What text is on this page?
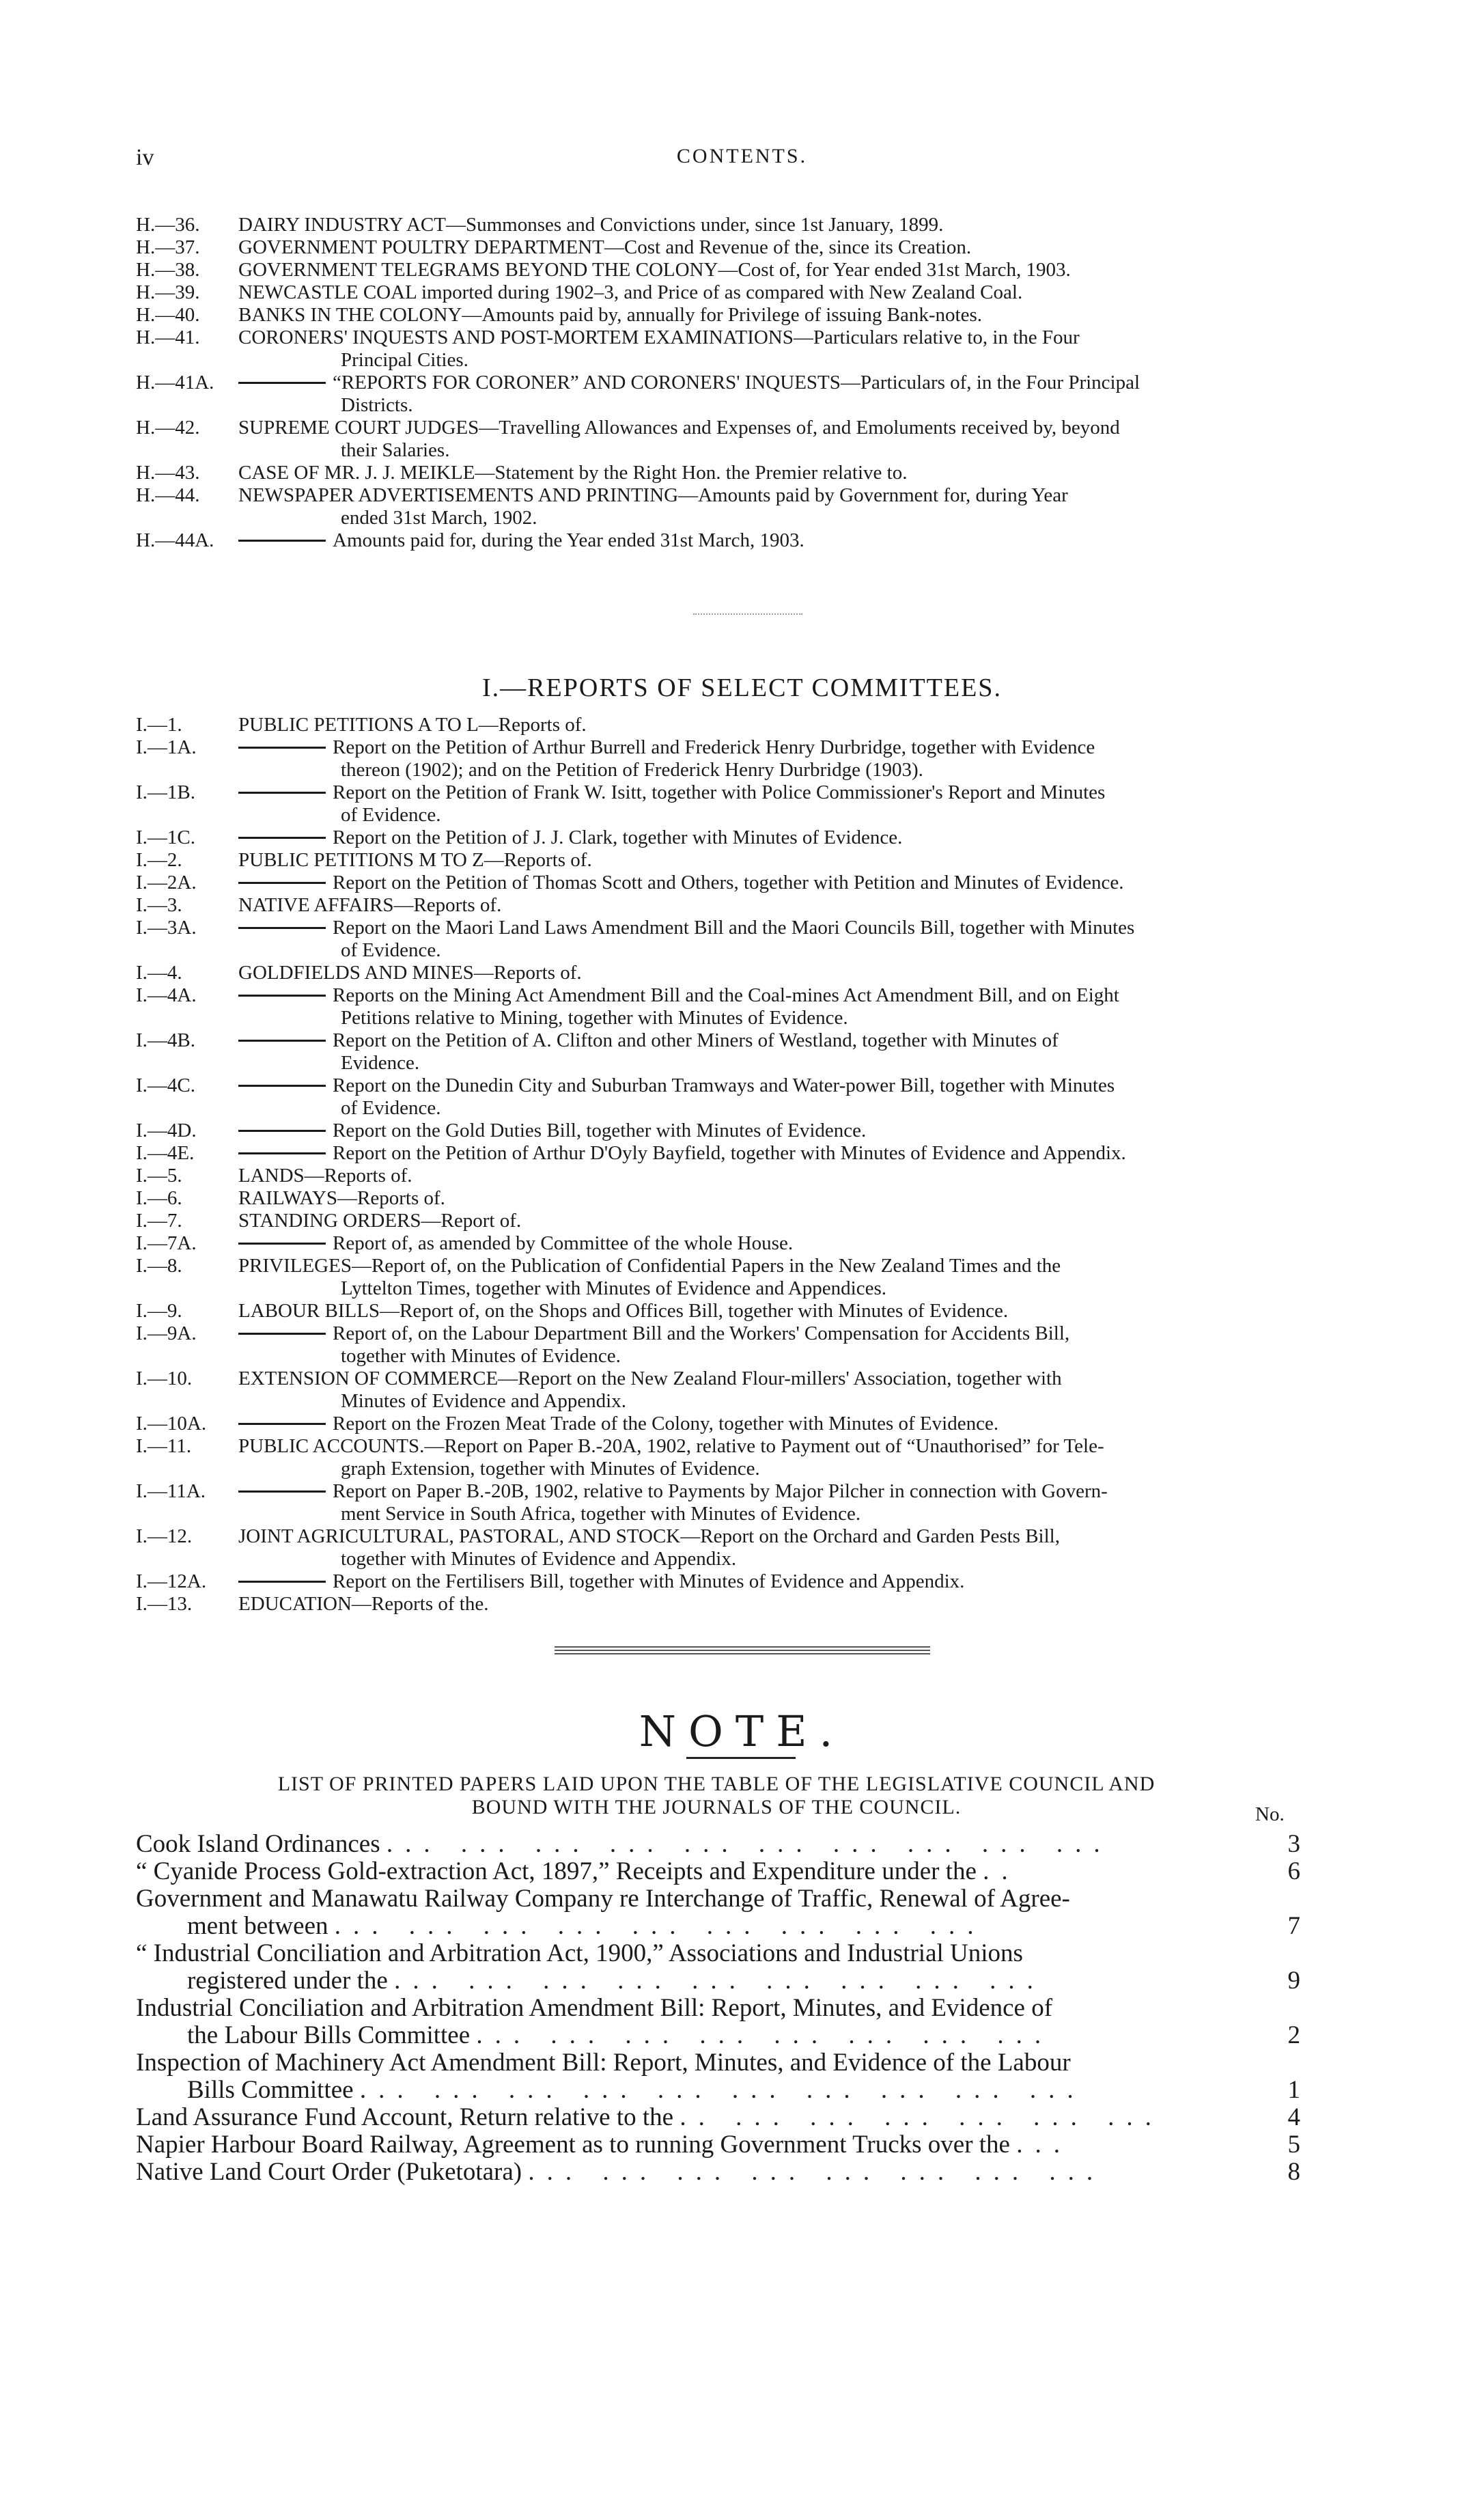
iv	CONTENTS.
H.—36.	DAIRY INDUSTRY ACT—Summonses and Convictions under, since 1st January, 1899.
H.—37.	GOVERNMENT POULTRY DEPARTMENT—Cost and Revenue of the, since its Creation.
H.—38.	GOVERNMENT TELEGRAMS BEYOND THE COLONY—Cost of, for Year ended 31st March, 1903.
H.—39.	NEWCASTLE COAL imported during 1902–3, and Price of as compared with New Zealand Coal.
H.—40.	BANKS IN THE COLONY—Amounts paid by, annually for Privilege of issuing Bank-notes.
H.—41.	CORONERS' INQUESTS AND POST-MORTEM EXAMINATIONS—Particulars relative to, in the Four
Principal Cities.
H.—41A.	“REPORTS FOR CORONER” AND CORONERS' INQUESTS—Particulars of, in the Four Principal
Districts.
H.—42.	SUPREME COURT JUDGES—Travelling Allowances and Expenses of, and Emoluments received by, beyond
their Salaries.
H.—43.	CASE OF MR. J. J. MEIKLE—Statement by the Right Hon. the Premier relative to.
H.—44.	NEWSPAPER ADVERTISEMENTS AND PRINTING—Amounts paid by Government for, during Year
ended 31st March, 1902.
H.—44A.	Amounts paid for, during the Year ended 31st March, 1903.
I.—REPORTS OF SELECT COMMITTEES.
I.—1.	PUBLIC PETITIONS A TO L—Reports of.
I.—1A.	Report on the Petition of Arthur Burrell and Frederick Henry Durbridge, together with Evidence
thereon (1902); and on the Petition of Frederick Henry Durbridge (1903).
I.—1B.	Report on the Petition of Frank W. Isitt, together with Police Commissioner's Report and Minutes
of Evidence.
I.—1C.	Report on the Petition of J. J. Clark, together with Minutes of Evidence.
I.—2.	PUBLIC PETITIONS M TO Z—Reports of.
I.—2A.	Report on the Petition of Thomas Scott and Others, together with Petition and Minutes of Evidence.
I.—3.	NATIVE AFFAIRS—Reports of.
I.—3A.	Report on the Maori Land Laws Amendment Bill and the Maori Councils Bill, together with Minutes
of Evidence.
I.—4.	GOLDFIELDS AND MINES—Reports of.
I.—4A.	Reports on the Mining Act Amendment Bill and the Coal-mines Act Amendment Bill, and on Eight
Petitions relative to Mining, together with Minutes of Evidence.
I.—4B.	Report on the Petition of A. Clifton and other Miners of Westland, together with Minutes of
Evidence.
I.—4C.	Report on the Dunedin City and Suburban Tramways and Water-power Bill, together with Minutes
of Evidence.
I.—4D.	Report on the Gold Duties Bill, together with Minutes of Evidence.
I.—4E.	Report on the Petition of Arthur D'Oyly Bayfield, together with Minutes of Evidence and Appendix.
I.—5.	LANDS—Reports of.
I.—6.	RAILWAYS—Reports of.
I.—7.	STANDING ORDERS—Report of.
I.—7A.	Report of, as amended by Committee of the whole House.
I.—8.	PRIVILEGES—Report of, on the Publication of Confidential Papers in the New Zealand Times and the
Lyttelton Times, together with Minutes of Evidence and Appendices.
I.—9.	LABOUR BILLS—Report of, on the Shops and Offices Bill, together with Minutes of Evidence.
I.—9A.	Report of, on the Labour Department Bill and the Workers' Compensation for Accidents Bill,
together with Minutes of Evidence.
I.—10.	EXTENSION OF COMMERCE—Report on the New Zealand Flour-millers' Association, together with
Minutes of Evidence and Appendix.
I.—10A.	Report on the Frozen Meat Trade of the Colony, together with Minutes of Evidence.
I.—11.	PUBLIC ACCOUNTS.—Report on Paper B.-20A, 1902, relative to Payment out of “Unauthorised” for Tele-
graph Extension, together with Minutes of Evidence.
I.—11A.	Report on Paper B.-20B, 1902, relative to Payments by Major Pilcher in connection with Govern-
ment Service in South Africa, together with Minutes of Evidence.
I.—12.	JOINT AGRICULTURAL, PASTORAL, AND STOCK—Report on the Orchard and Garden Pests Bill,
together with Minutes of Evidence and Appendix.
I.—12A.	Report on the Fertilisers Bill, together with Minutes of Evidence and Appendix.
I.—13.	EDUCATION—Reports of the.
NOTE.
LIST OF PRINTED PAPERS LAID UPON THE TABLE OF THE LEGISLATIVE COUNCIL AND
BOUND WITH THE JOURNALS OF THE COUNCIL.	No.
Cook Island Ordinances ... ... ... ... ... ... ... ... ... ...	3
“ Cyanide Process Gold-extraction Act, 1897,” Receipts and Expenditure under the ..	6
Government and Manawatu Railway Company re Interchange of Traffic, Renewal of Agree-
ment between ... ... ... ... ... ... ... ... ...	7
“ Industrial Conciliation and Arbitration Act, 1900,” Associations and Industrial Unions
registered under the ... ... ... ... ... ... ... ... ...	9
Industrial Conciliation and Arbitration Amendment Bill: Report, Minutes, and Evidence of
the Labour Bills Committee ... ... ... ... ... ... ... ...	2
Inspection of Machinery Act Amendment Bill: Report, Minutes, and Evidence of the Labour
Bills Committee ... ... ... ... ... ... ... ... ... ...	1
Land Assurance Fund Account, Return relative to the .. ... ... ... ... ... ...	4
Napier Harbour Board Railway, Agreement as to running Government Trucks over the ...	5
Native Land Court Order (Puketotara) ... ... ... ... ... ... ... ...	8
